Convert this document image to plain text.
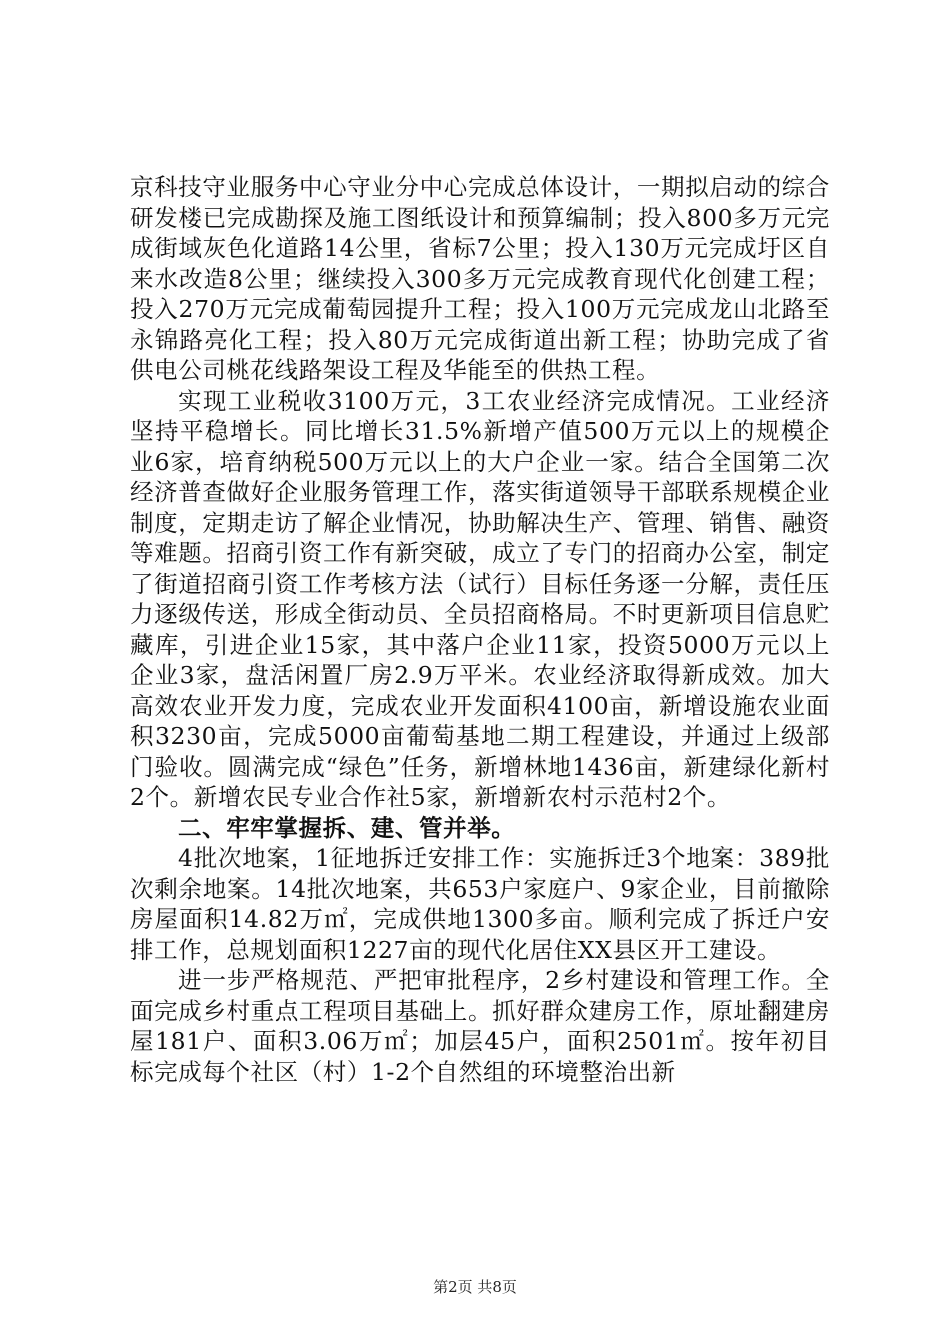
京科技守业服务中心守业分中心完成总体设计，一期拟启动的综合研发楼已完成勘探及施工图纸设计和预算编制；投入800多万元完成街域灰色化道路14公里，省标7公里；投入130万元完成圩区自来水改造8公里；继续投入300多万元完成教育现代化创建工程；投入270万元完成葡萄园提升工程；投入100万元完成龙山北路至永锦路亮化工程；投入80万元完成街道出新工程；协助完成了省供电公司桃花线路架设工程及华能至的供热工程。

实现工业税收3100万元，3工农业经济完成情况。工业经济坚持平稳增长。同比增长31.5%新增产值500万元以上的规模企业6家，培育纳税500万元以上的大户企业一家。结合全国第二次经济普查做好企业服务管理工作，落实街道领导干部联系规模企业制度，定期走访了解企业情况，协助解决生产、管理、销售、融资等难题。招商引资工作有新突破，成立了专门的招商办公室，制定了街道招商引资工作考核方法（试行）目标任务逐一分解，责任压力逐级传送，形成全街动员、全员招商格局。不时更新项目信息贮藏库，引进企业15家，其中落户企业11家，投资5000万元以上企业3家，盘活闲置厂房2.9万平米。农业经济取得新成效。加大高效农业开发力度，完成农业开发面积4100亩，新增设施农业面积3230亩，完成5000亩葡萄基地二期工程建设，并通过上级部门验收。圆满完成“绿色”任务，新增林地1436亩，新建绿化新村2个。新增农民专业合作社5家，新增新农村示范村2个。

二、牢牢掌握拆、建、管并举。

4批次地案，1征地拆迁安排工作：实施拆迁3个地案：389批次剩余地案。14批次地案，共653户家庭户、9家企业，目前撤除房屋面积14.82万㎡，完成供地1300多亩。顺利完成了拆迁户安排工作，总规划面积1227亩的现代化居住XX县区开工建设。

进一步严格规范、严把审批程序，2乡村建设和管理工作。全面完成乡村重点工程项目基础上。抓好群众建房工作，原址翻建房屋181户、面积3.06万㎡；加层45户，面积2501㎡。按年初目标完成每个社区（村）1-2个自然组的环境整治出新

第2页 共8页
